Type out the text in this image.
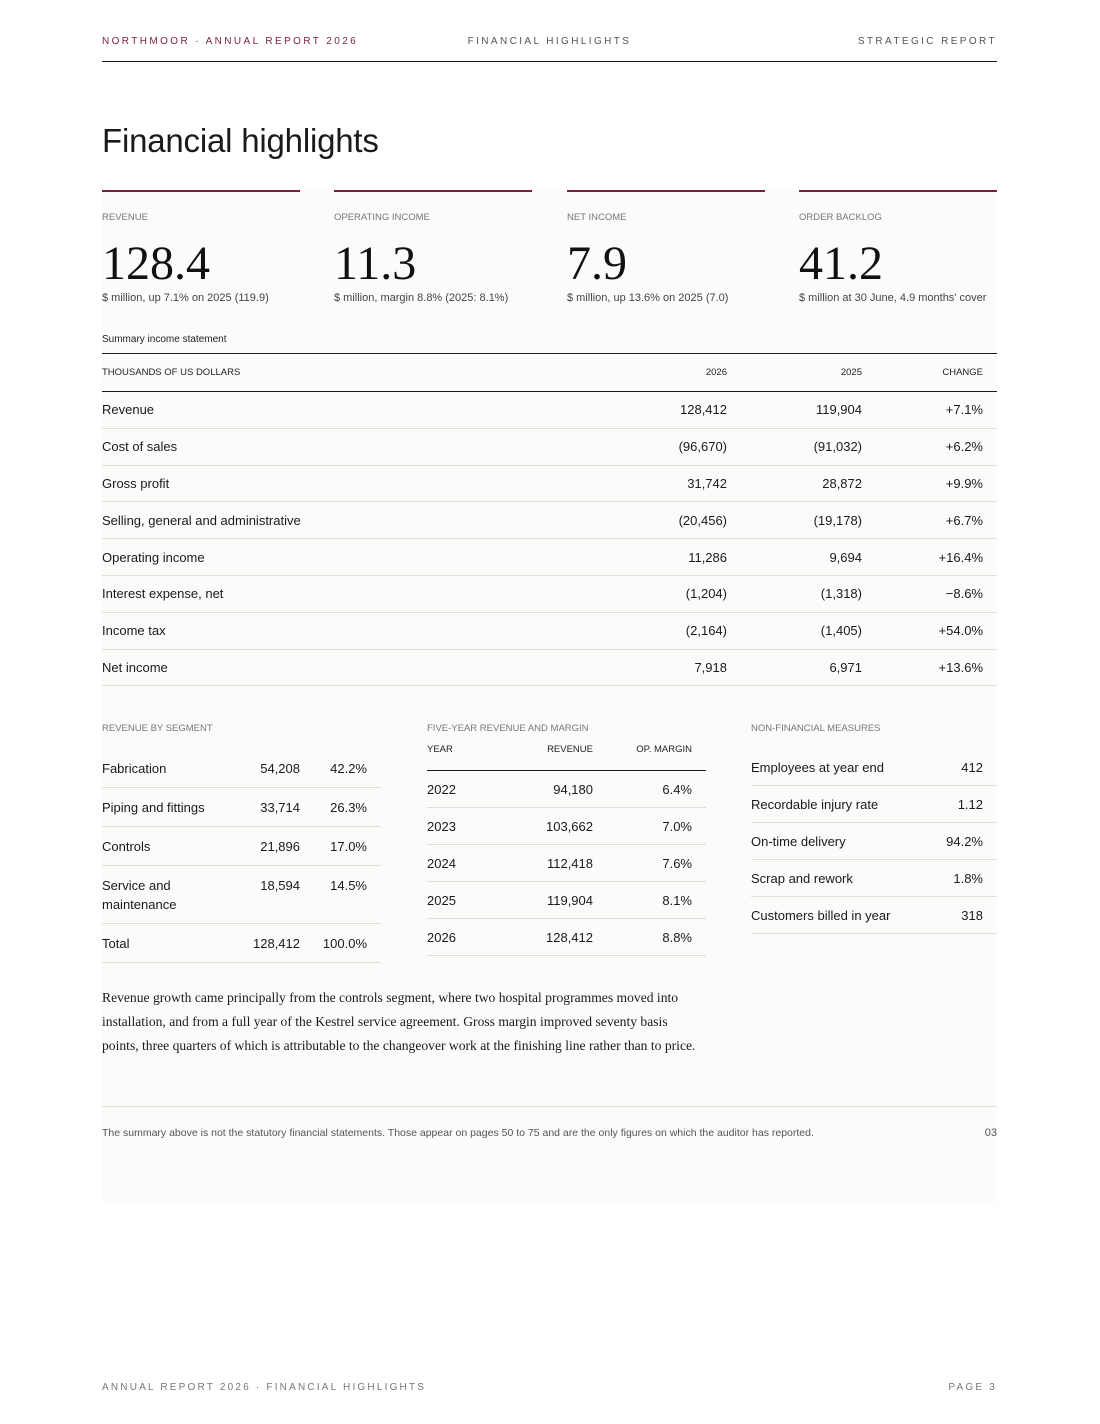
NORTHMOOR · ANNUAL REPORT 2026	FINANCIAL HIGHLIGHTS	STRATEGIC REPORT
Financial highlights
REVENUE
128.4
$ million, up 7.1% on 2025 (119.9)
OPERATING INCOME
11.3
$ million, margin 8.8% (2025: 8.1%)
NET INCOME
7.9
$ million, up 13.6% on 2025 (7.0)
ORDER BACKLOG
41.2
$ million at 30 June, 4.9 months' cover
Summary income statement
THOUSANDS OF US DOLLARS	2026	2025	CHANGE	
Revenue	128,412	119,904	+7.1%	
Cost of sales	(96,670)	(91,032)	+6.2%	
Gross profit	31,742	28,872	+9.9%	
Selling, general and administrative	(20,456)	(19,178)	+6.7%	
Operating income	11,286	9,694	+16.4%	
Interest expense, net	(1,204)	(1,318)	−8.6%	
Income tax	(2,164)	(1,405)	+54.0%	
Net income	7,918	6,971	+13.6%	
REVENUE BY SEGMENT
Fabrication	54,208	42.2%	
Piping and fittings	33,714	26.3%	
Controls	21,896	17.0%	
Service and maintenance	18,594	14.5%	
Total	128,412	100.0%	
FIVE-YEAR REVENUE AND MARGIN
YEAR	REVENUE	OP. MARGIN	
2022	94,180	6.4%	
2023	103,662	7.0%	
2024	112,418	7.6%	
2025	119,904	8.1%	
2026	128,412	8.8%	
NON-FINANCIAL MEASURES
Employees at year end	412	
Recordable injury rate	1.12	
On-time delivery	94.2%	
Scrap and rework	1.8%	
Customers billed in year	318	

Revenue growth came principally from the controls segment, where two hospital programmes moved into installation, and from a full year of the Kestrel service agreement. Gross margin improved seventy basis points, three quarters of which is attributable to the changeover work at the finishing line rather than to price.

The summary above is not the statutory financial statements. Those appear on pages 50 to 75 and are the only figures on which the auditor has reported.	03
ANNUAL REPORT 2026 · FINANCIAL HIGHLIGHTS	PAGE 3
